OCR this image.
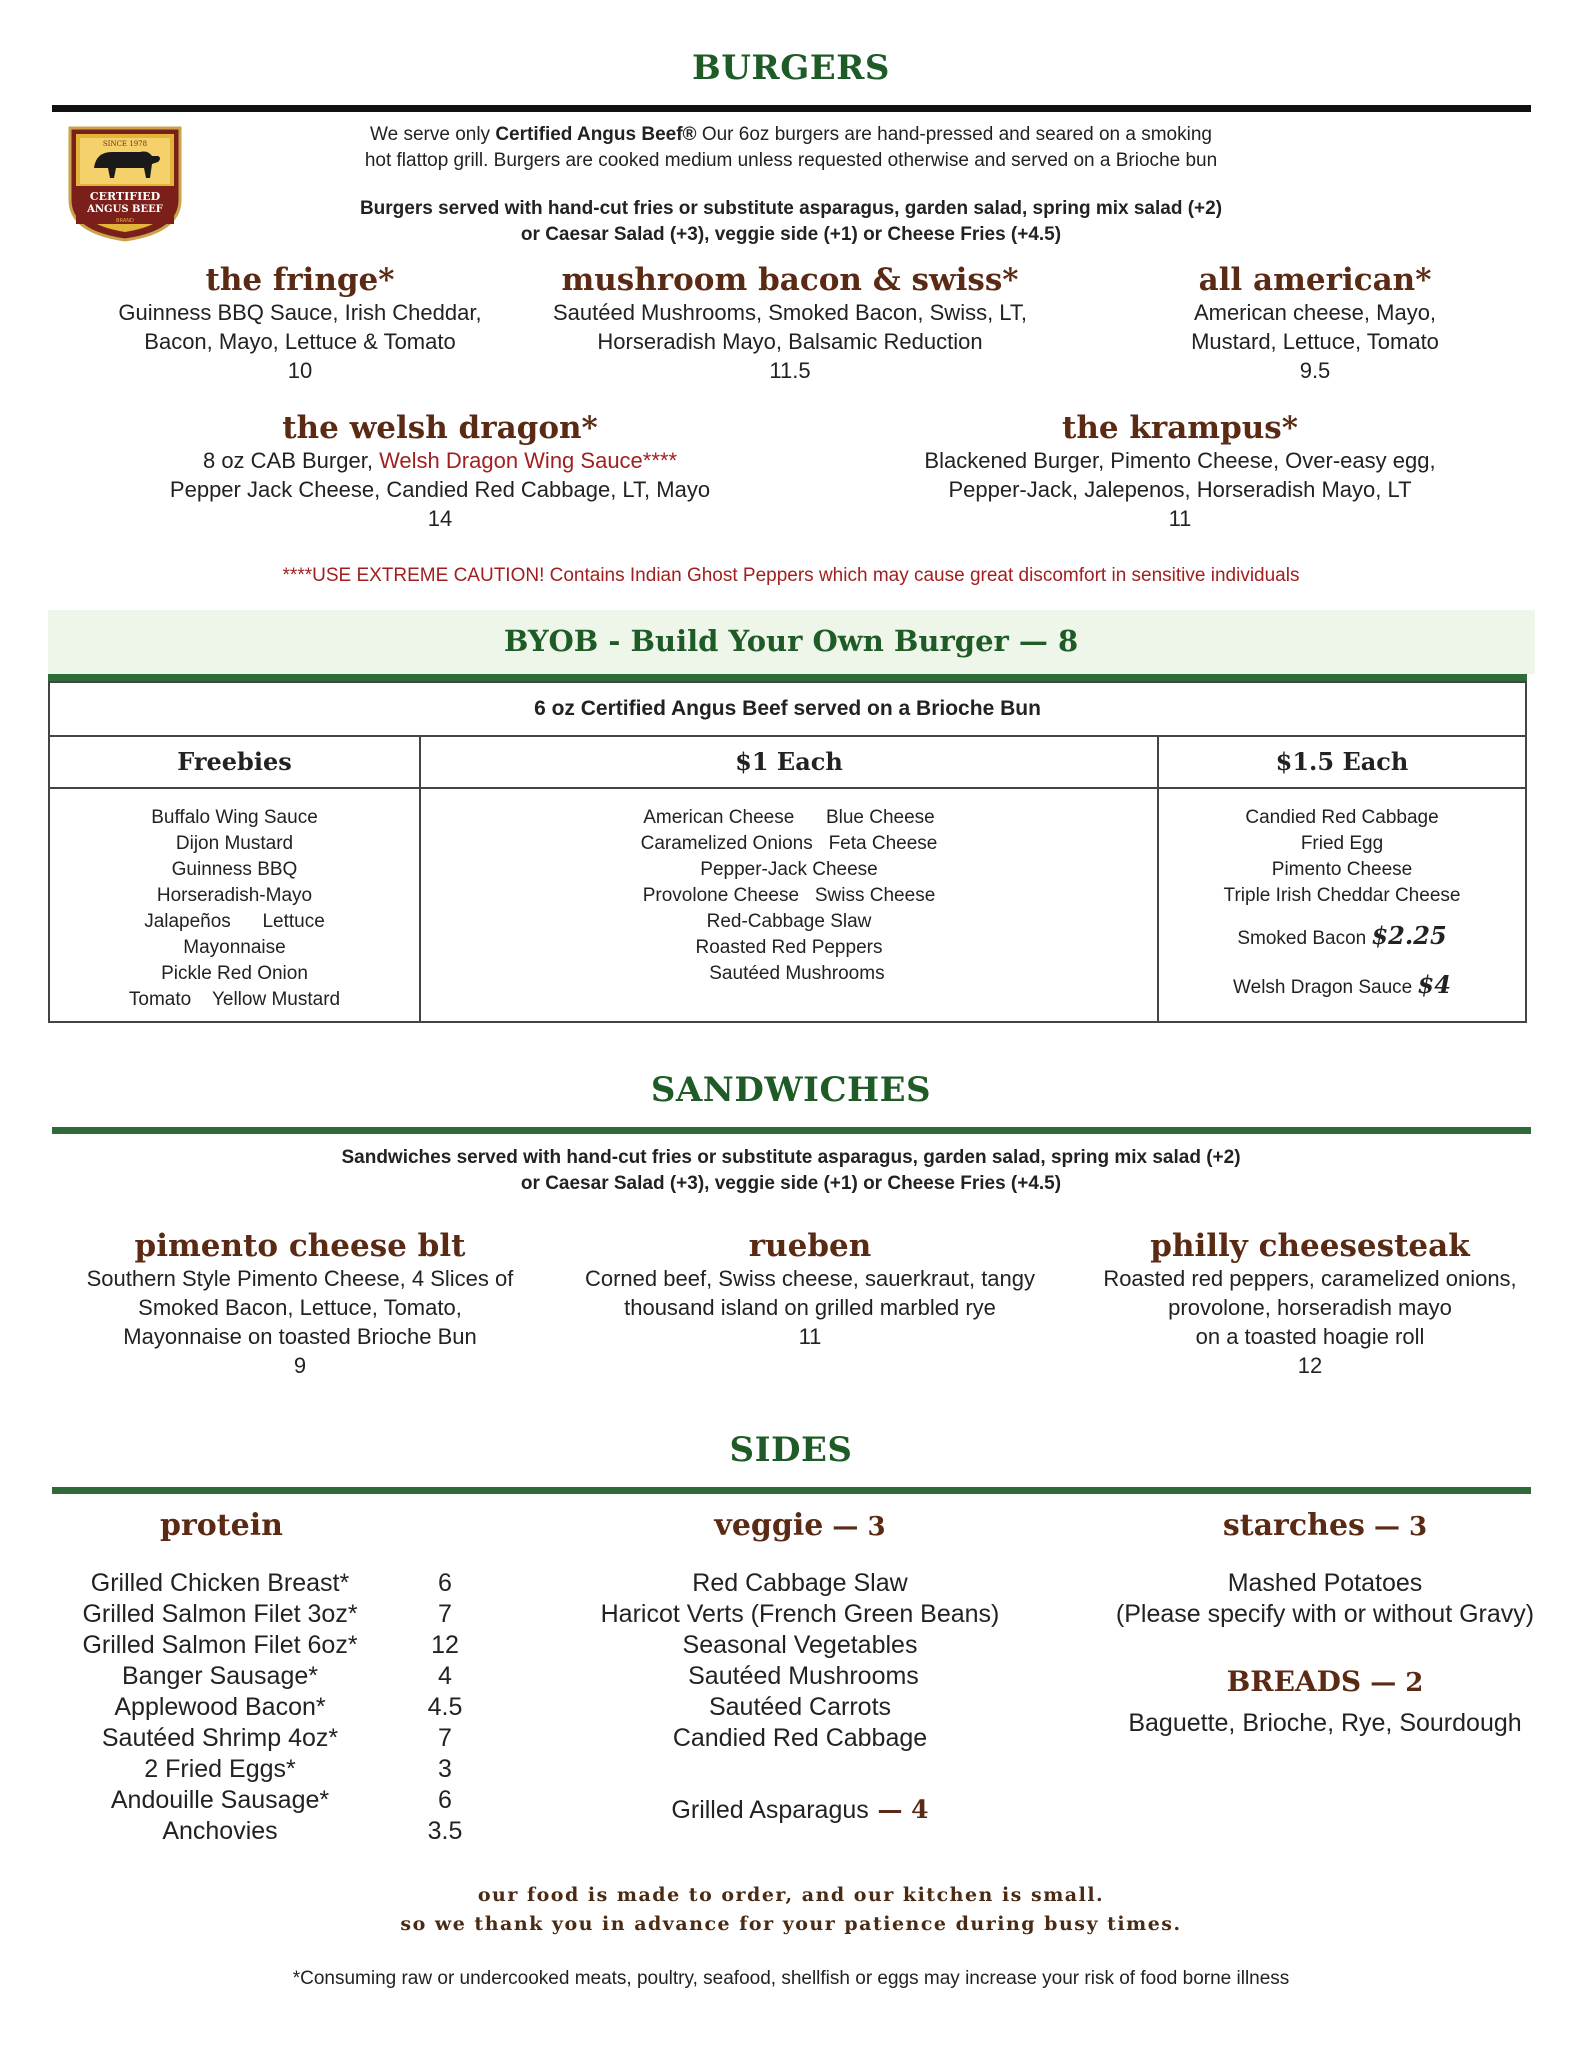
BURGERS
SINCE 1978
CERTIFIED
ANGUS BEEF
BRAND
We serve only Certified Angus Beef® Our 6oz burgers are hand-pressed and seared on a smoking
hot flattop grill. Burgers are cooked medium unless requested otherwise and served on a Brioche bun
Burgers served with hand-cut fries or substitute asparagus, garden salad, spring mix salad (+2)
or Caesar Salad (+3), veggie side (+1) or Cheese Fries (+4.5)
the fringe*
Guinness BBQ Sauce, Irish Cheddar,
Bacon, Mayo, Lettuce & Tomato
10
mushroom bacon & swiss*
Sautéed Mushrooms, Smoked Bacon, Swiss, LT,
Horseradish Mayo, Balsamic Reduction
11.5
all american*
American cheese, Mayo,
Mustard, Lettuce, Tomato
9.5
the welsh dragon*
8 oz CAB Burger, Welsh Dragon Wing Sauce****
Pepper Jack Cheese, Candied Red Cabbage, LT, Mayo
14
the krampus*
Blackened Burger, Pimento Cheese, Over-easy egg,
Pepper-Jack, Jalepenos, Horseradish Mayo, LT
11
****USE EXTREME CAUTION! Contains Indian Ghost Peppers which may cause great discomfort in sensitive individuals
BYOB - Build Your Own Burger — 8
6 oz Certified Angus Beef served on a Brioche Bun
Freebies
Buffalo Wing Sauce
Dijon Mustard
Guinness BBQ
Horseradish-Mayo
Jalapeños      Lettuce
Mayonnaise
Pickle Red Onion
Tomato    Yellow Mustard
$1 Each
American Cheese      Blue Cheese
Caramelized Onions   Feta Cheese
Pepper-Jack Cheese
Provolone Cheese   Swiss Cheese
Red-Cabbage Slaw
Roasted Red Peppers
Sautéed Mushrooms
$1.5 Each
Candied Red Cabbage
Fried Egg
Pimento Cheese
Triple Irish Cheddar Cheese
Smoked Bacon $2.25
Welsh Dragon Sauce $4
SANDWICHES
Sandwiches served with hand-cut fries or substitute asparagus, garden salad, spring mix salad (+2)
or Caesar Salad (+3), veggie side (+1) or Cheese Fries (+4.5)
pimento cheese blt
Southern Style Pimento Cheese, 4 Slices of
Smoked Bacon, Lettuce, Tomato,
Mayonnaise on toasted Brioche Bun
9
rueben
Corned beef, Swiss cheese, sauerkraut, tangy
thousand island on grilled marbled rye
11
philly cheesesteak
Roasted red peppers, caramelized onions,
provolone, horseradish mayo
on a toasted hoagie roll
12
SIDES
protein
Grilled Chicken Breast*	6
Grilled Salmon Filet 3oz*	7
Grilled Salmon Filet 6oz*	12
Banger Sausage*	4
Applewood Bacon*	4.5
Sautéed Shrimp 4oz*	7
2 Fried Eggs*	3
Andouille Sausage*	6
Anchovies	3.5
veggie — 3
Red Cabbage Slaw
Haricot Verts (French Green Beans)
Seasonal Vegetables
Sautéed Mushrooms
Sautéed Carrots
Candied Red Cabbage
Grilled Asparagus — 4
starches — 3
Mashed Potatoes
(Please specify with or without Gravy)
BREADS — 2
Baguette, Brioche, Rye, Sourdough
our food is made to order, and our kitchen is small.
so we thank you in advance for your patience during busy times.
*Consuming raw or undercooked meats, poultry, seafood, shellfish or eggs may increase your risk of food borne illness
